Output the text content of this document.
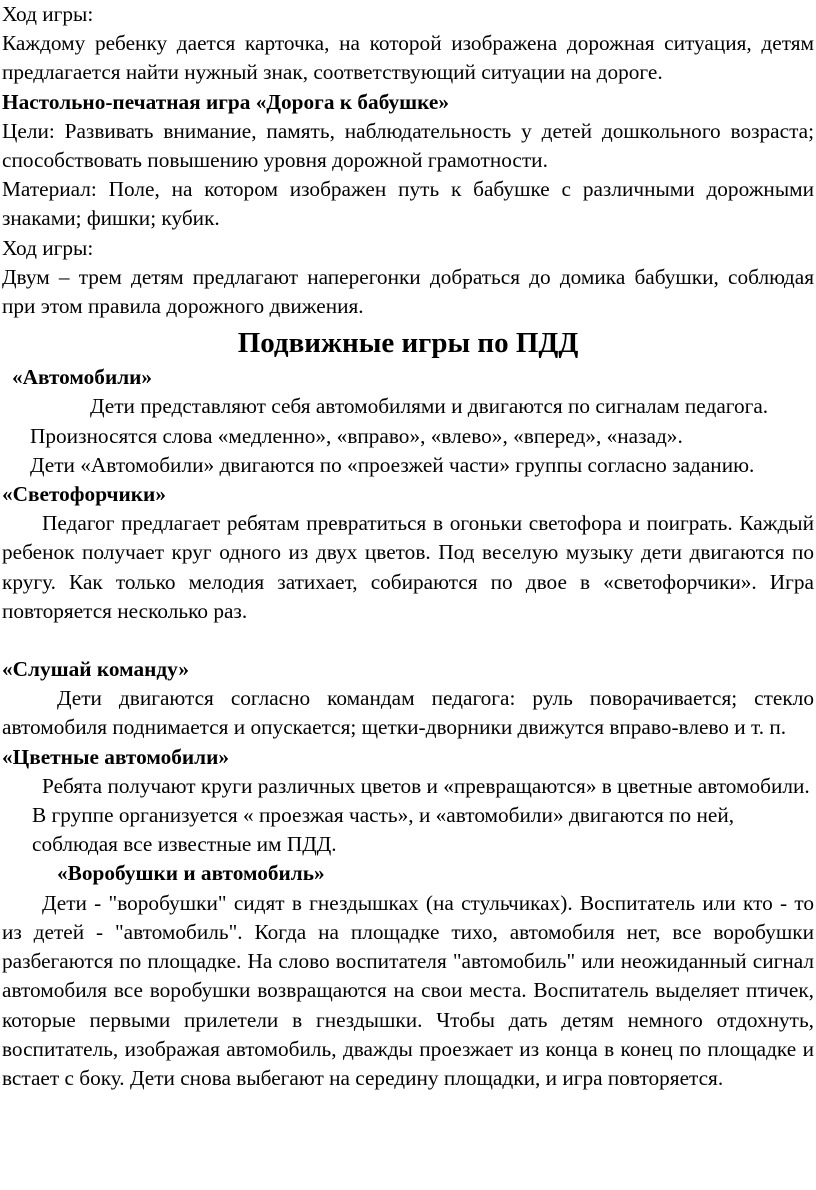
Ход игры:

Каждому ребенку дается карточка, на которой изображена дорожная ситуация, детям предлагается найти нужный знак, соответствующий ситуации на дороге.

Настольно-печатная игра «Дорога к бабушке»

Цели: Развивать внимание, память, наблюдательность у детей дошкольного возраста; способствовать повышению уровня дорожной грамотности.

Материал: Поле, на котором изображен путь к бабушке с различными дорожными знаками; фишки; кубик.

Ход игры:

Двум – трем детям предлагают наперегонки добраться до домика бабушки, соблюдая при этом правила дорожного движения.

Подвижные игры по ПДД

«Автомобили»

Дети представляют себя автомобилями и двигаются по сигналам педагога.

Произносятся слова «медленно», «вправо», «влево», «вперед», «назад».

Дети «Автомобили» двигаются по «проезжей части» группы согласно заданию.

«Светофорчики»

Педагог предлагает ребятам превратиться в огоньки светофора и поиграть. Каждый ребенок получает круг одного из двух цветов. Под веселую музыку дети двигаются по кругу. Как только мелодия затихает, собираются по двое в «светофорчики». Игра повторяется несколько раз.

«Слушай команду»

Дети двигаются согласно командам педагога: руль поворачивается; стекло автомобиля поднимается и опускается; щетки-дворники движутся вправо-влево и т. п.

«Цветные автомобили»

Ребята получают круги различных цветов и «превращаются» в цветные автомобили. В группе организуется « проезжая часть», и «автомобили» двигаются по ней, соблюдая все известные им ПДД.

«Воробушки и автомобиль»

Дети - "воробушки" сидят в гнездышках (на стульчиках). Воспитатель или кто - то из детей - "автомобиль". Когда на площадке тихо, автомобиля нет, все воробушки разбегаются по площадке. На слово воспитателя "автомобиль" или неожиданный сигнал автомобиля все воробушки возвращаются на свои места. Воспитатель выделяет птичек, которые первыми прилетели в гнездышки. Чтобы дать детям немного отдохнуть, воспитатель, изображая автомобиль, дважды проезжает из конца в конец по площадке и встает с боку. Дети снова выбегают на середину площадки, и игра повторяется.
